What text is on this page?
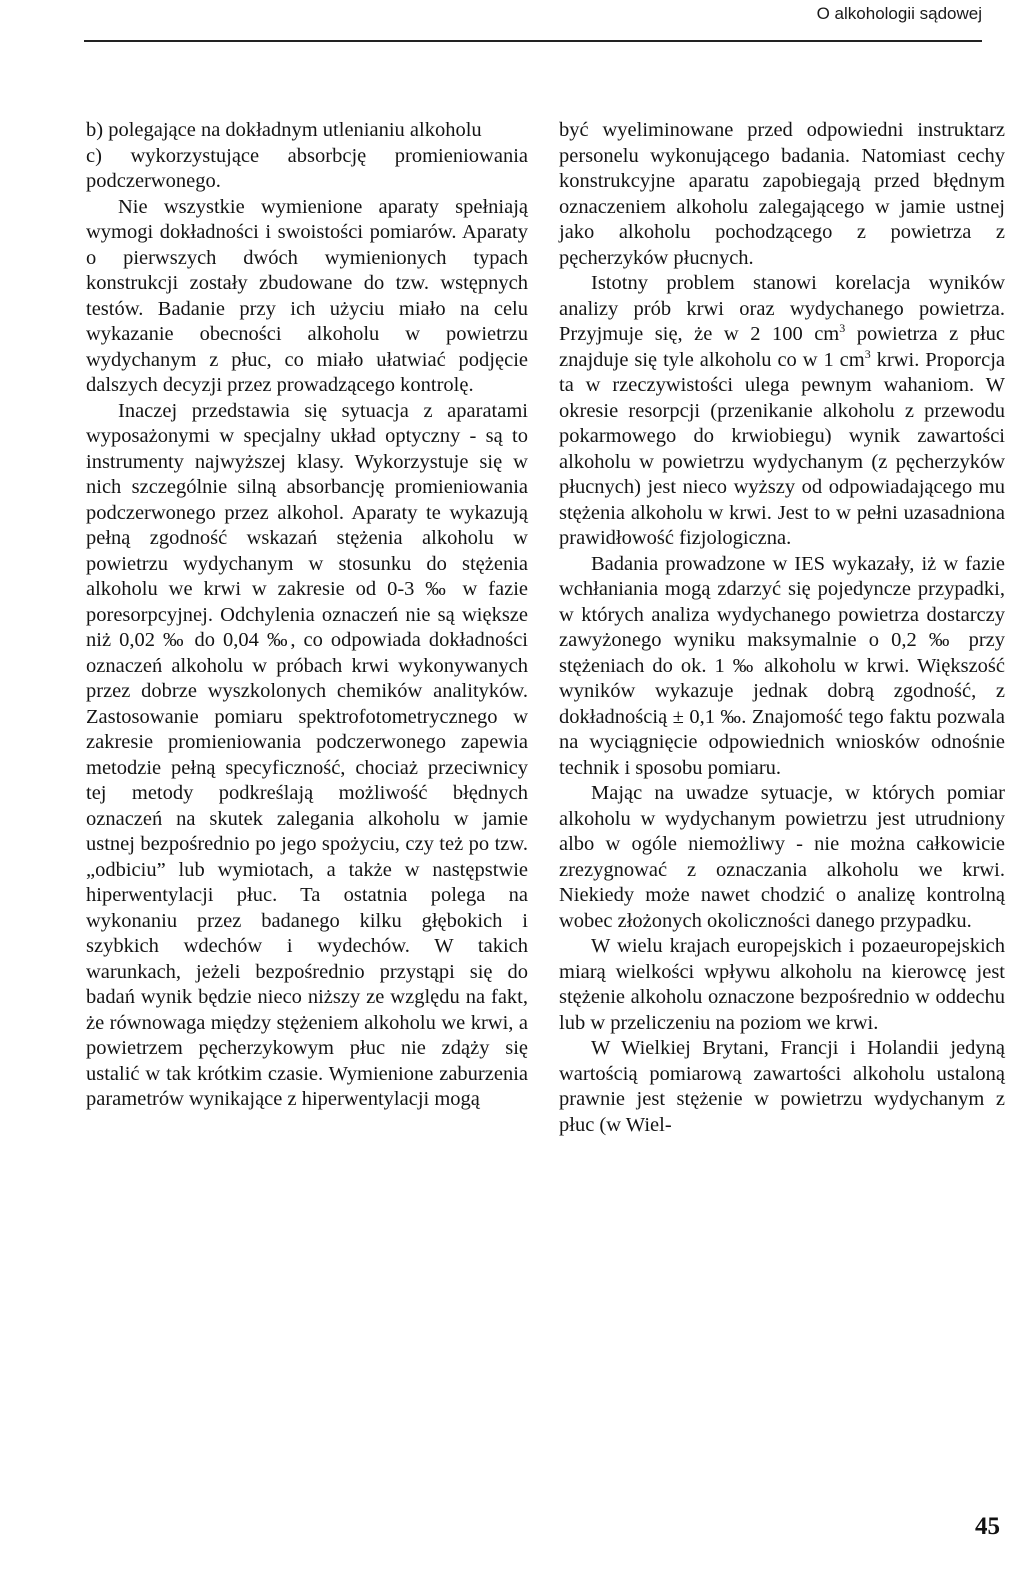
O alkohologii sądowej

b) polegające na dokładnym utlenianiu alkoholu

c) wykorzystujące absorbcję promieniowania podczerwonego.

Nie wszystkie wymienione aparaty spełniają wymogi dokładności i swoistości pomiarów. Aparaty o pierwszych dwóch wymienionych typach konstrukcji zostały zbudowane do tzw. wstępnych testów. Badanie przy ich użyciu miało na celu wykazanie obecności alkoholu w powietrzu wydychanym z płuc, co miało ułatwiać podjęcie dalszych decyzji przez prowadzącego kontrolę.

Inaczej przedstawia się sytuacja z aparatami wyposażonymi w specjalny układ optyczny - są to instrumenty najwyższej klasy. Wykorzystuje się w nich szczególnie silną absorbancję promieniowania podczerwonego przez alkohol. Aparaty te wykazują pełną zgodność wskazań stężenia alkoholu w powietrzu wydychanym w stosunku do stężenia alkoholu we krwi w zakresie od 0-3 ‰ w fazie poresorpcyjnej. Odchylenia oznaczeń nie są większe niż 0,02 ‰ do 0,04 ‰, co odpowiada dokładności oznaczeń alkoholu w próbach krwi wykonywanych przez dobrze wyszkolonych chemików analityków. Zastosowanie pomiaru spektrofotometrycznego w zakresie promieniowania podczerwonego zapewia metodzie pełną specyficzność, chociaż przeciwnicy tej metody podkreślają możliwość błędnych oznaczeń na skutek zalegania alkoholu w jamie ustnej bezpośrednio po jego spożyciu, czy też po tzw. „odbiciu” lub wymiotach, a także w następstwie hiperwentylacji płuc. Ta ostatnia polega na wykonaniu przez badanego kilku głębokich i szybkich wdechów i wydechów. W takich warunkach, jeżeli bezpośrednio przystąpi się do badań wynik będzie nieco niższy ze względu na fakt, że równowaga między stężeniem alkoholu we krwi, a powietrzem pęcherzykowym płuc nie zdąży się ustalić w tak krótkim czasie. Wymienione zaburzenia parametrów wynikające z hiperwentylacji mogą

być wyeliminowane przed odpowiedni instruktarz personelu wykonującego badania. Natomiast cechy konstrukcyjne aparatu zapobiegają przed błędnym oznaczeniem alkoholu zalegającego w jamie ustnej jako alkoholu pochodzącego z powietrza z pęcherzyków płucnych.

Istotny problem stanowi korelacja wyników analizy prób krwi oraz wydychanego powietrza. Przyjmuje się, że w 2 100 $cm^3$ powietrza z płuc znajduje się tyle alkoholu co w 1 $cm^3$ krwi. Proporcja ta w rzeczywistości ulega pewnym wahaniom. W okresie resorpcji (przenikanie alkoholu z przewodu pokarmowego do krwiobiegu) wynik zawartości alkoholu w powietrzu wydychanym (z pęcherzyków płucnych) jest nieco wyższy od odpowiadającego mu stężenia alkoholu w krwi. Jest to w pełni uzasadniona prawidłowość fizjologiczna.

Badania prowadzone w IES wykazały, iż w fazie wchłaniania mogą zdarzyć się pojedyncze przypadki, w których analiza wydychanego powietrza dostarczy zawyżonego wyniku maksymalnie o 0,2 ‰ przy stężeniach do ok. 1 ‰ alkoholu w krwi. Większość wyników wykazuje jednak dobrą zgodność, z dokładnością ± 0,1 ‰. Znajomość tego faktu pozwala na wyciągnięcie odpowiednich wniosków odnośnie technik i sposobu pomiaru.

Mając na uwadze sytuacje, w których pomiar alkoholu w wydychanym powietrzu jest utrudniony albo w ogóle niemożliwy - nie można całkowicie zrezygnować z oznaczania alkoholu we krwi. Niekiedy może nawet chodzić o analizę kontrolną wobec złożonych okoliczności danego przypadku.

W wielu krajach europejskich i pozaeuropejskich miarą wielkości wpływu alkoholu na kierowcę jest stężenie alkoholu oznaczone bezpośrednio w oddechu lub w przeliczeniu na poziom we krwi.

W Wielkiej Brytani, Francji i Holandii jedyną wartością pomiarową zawartości alkoholu ustaloną prawnie jest stężenie w powietrzu wydychanym z płuc (w Wiel-

45
